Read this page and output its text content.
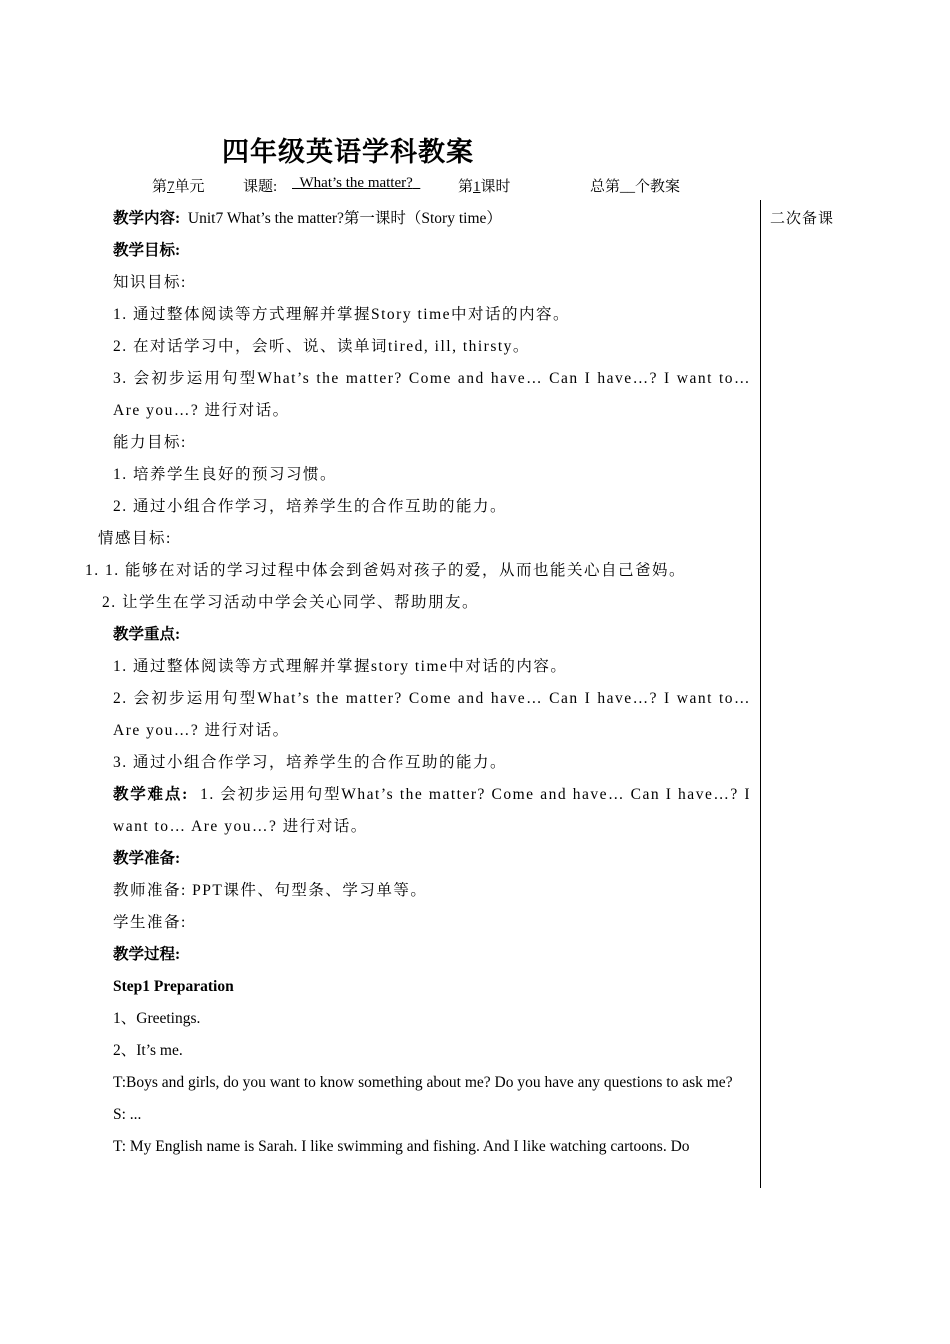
四年级英语学科教案
第7单元	课题:	What’s the matter?	第1课时	总第__个教案
二次备课

教学内容: Unit7 What’s the matter?第一课时（Story time）

教学目标:

知识目标:

1. 通过整体阅读等方式理解并掌握Story time中对话的内容。

2. 在对话学习中，会听、说、读单词tired, ill, thirsty。

3. 会初步运用句型What’s the matter? Come and have… Can I have…? I want to… Are you…? 进行对话。

能力目标:

1. 培养学生良好的预习习惯。

2. 通过小组合作学习，培养学生的合作互助的能力。

情感目标:

1. 1. 能够在对话的学习过程中体会到爸妈对孩子的爱，从而也能关心自己爸妈。

2. 让学生在学习活动中学会关心同学、帮助朋友。

教学重点:

1. 通过整体阅读等方式理解并掌握story time中对话的内容。

2. 会初步运用句型What’s the matter? Come and have… Can I have…? I want to… Are you…? 进行对话。

3. 通过小组合作学习，培养学生的合作互助的能力。

教学难点: 1. 会初步运用句型What’s the matter? Come and have… Can I have…? I want to… Are you…? 进行对话。

教学准备:

教师准备: PPT课件、句型条、学习单等。

学生准备:

教学过程:

Step1 Preparation

1、Greetings.

2、It’s me.

T:Boys and girls, do you want to know something about me? Do you have any questions to ask me?

S: ...

T: My English name is Sarah. I like swimming and fishing. And I like watching cartoons. Do
